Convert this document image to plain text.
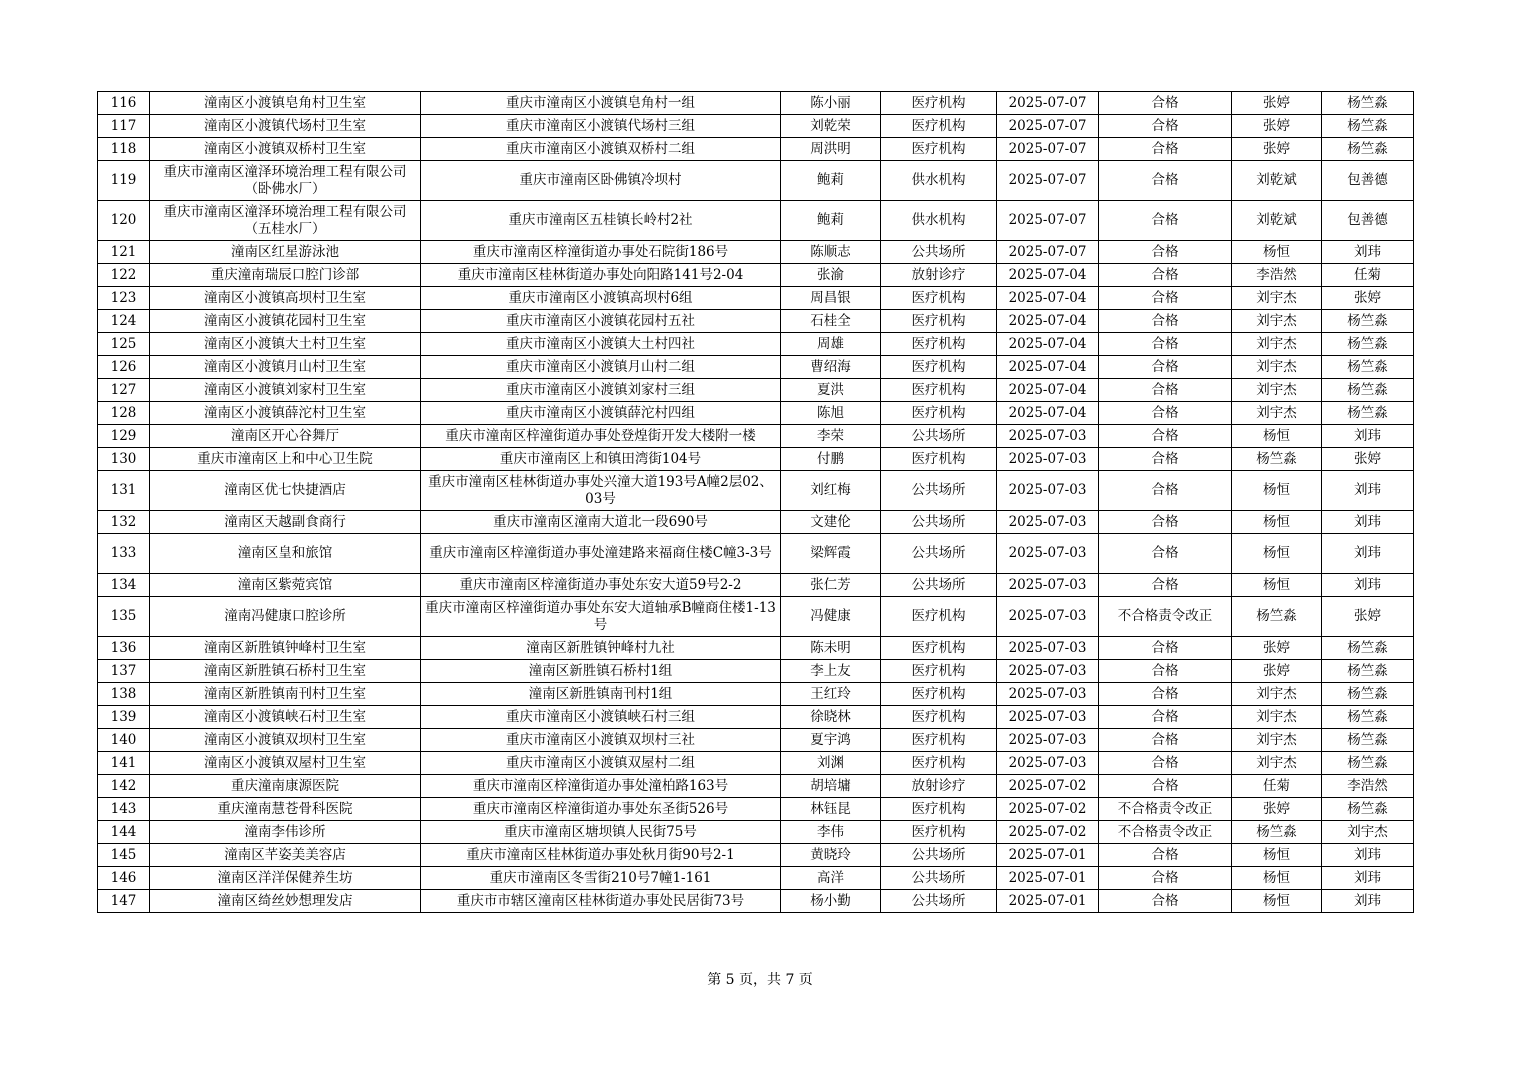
116	潼南区小渡镇皂角村卫生室	重庆市潼南区小渡镇皂角村一组	陈小丽	医疗机构	2025-07-07	合格	张婷	杨竺淼
117	潼南区小渡镇代场村卫生室	重庆市潼南区小渡镇代场村三组	刘乾荣	医疗机构	2025-07-07	合格	张婷	杨竺淼
118	潼南区小渡镇双桥村卫生室	重庆市潼南区小渡镇双桥村二组	周洪明	医疗机构	2025-07-07	合格	张婷	杨竺淼
119	重庆市潼南区潼泽环境治理工程有限公司（卧佛水厂）	重庆市潼南区卧佛镇冷坝村	鲍莉	供水机构	2025-07-07	合格	刘乾斌	包善德
120	重庆市潼南区潼泽环境治理工程有限公司（五桂水厂）	重庆市潼南区五桂镇长岭村2社	鲍莉	供水机构	2025-07-07	合格	刘乾斌	包善德
121	潼南区红星游泳池	重庆市潼南区梓潼街道办事处石院街186号	陈顺志	公共场所	2025-07-07	合格	杨恒	刘玮
122	重庆潼南瑞辰口腔门诊部	重庆市潼南区桂林街道办事处向阳路141号2-04	张渝	放射诊疗	2025-07-04	合格	李浩然	任菊
123	潼南区小渡镇高坝村卫生室	重庆市潼南区小渡镇高坝村6组	周昌银	医疗机构	2025-07-04	合格	刘宇杰	张婷
124	潼南区小渡镇花园村卫生室	重庆市潼南区小渡镇花园村五社	石桂全	医疗机构	2025-07-04	合格	刘宇杰	杨竺淼
125	潼南区小渡镇大土村卫生室	重庆市潼南区小渡镇大土村四社	周雄	医疗机构	2025-07-04	合格	刘宇杰	杨竺淼
126	潼南区小渡镇月山村卫生室	重庆市潼南区小渡镇月山村二组	曹绍海	医疗机构	2025-07-04	合格	刘宇杰	杨竺淼
127	潼南区小渡镇刘家村卫生室	重庆市潼南区小渡镇刘家村三组	夏洪	医疗机构	2025-07-04	合格	刘宇杰	杨竺淼
128	潼南区小渡镇薛沱村卫生室	重庆市潼南区小渡镇薛沱村四组	陈旭	医疗机构	2025-07-04	合格	刘宇杰	杨竺淼
129	潼南区开心谷舞厅	重庆市潼南区梓潼街道办事处登煌街开发大楼附一楼	李荣	公共场所	2025-07-03	合格	杨恒	刘玮
130	重庆市潼南区上和中心卫生院	重庆市潼南区上和镇田湾街104号	付鹏	医疗机构	2025-07-03	合格	杨竺淼	张婷
131	潼南区优七快捷酒店	重庆市潼南区桂林街道办事处兴潼大道193号A幢2层02、03号	刘红梅	公共场所	2025-07-03	合格	杨恒	刘玮
132	潼南区天越副食商行	重庆市潼南区潼南大道北一段690号	文建伦	公共场所	2025-07-03	合格	杨恒	刘玮
133	潼南区皇和旅馆	重庆市潼南区梓潼街道办事处潼建路来福商住楼C幢3-3号	梁辉霞	公共场所	2025-07-03	合格	杨恒	刘玮
134	潼南区紫菀宾馆	重庆市潼南区梓潼街道办事处东安大道59号2-2	张仁芳	公共场所	2025-07-03	合格	杨恒	刘玮
135	潼南冯健康口腔诊所	重庆市潼南区梓潼街道办事处东安大道轴承B幢商住楼1-13号	冯健康	医疗机构	2025-07-03	不合格责令改正	杨竺淼	张婷
136	潼南区新胜镇钟峰村卫生室	潼南区新胜镇钟峰村九社	陈未明	医疗机构	2025-07-03	合格	张婷	杨竺淼
137	潼南区新胜镇石桥村卫生室	潼南区新胜镇石桥村1组	李上友	医疗机构	2025-07-03	合格	张婷	杨竺淼
138	潼南区新胜镇南刊村卫生室	潼南区新胜镇南刊村1组	王红玲	医疗机构	2025-07-03	合格	刘宇杰	杨竺淼
139	潼南区小渡镇峡石村卫生室	重庆市潼南区小渡镇峡石村三组	徐晓林	医疗机构	2025-07-03	合格	刘宇杰	杨竺淼
140	潼南区小渡镇双坝村卫生室	重庆市潼南区小渡镇双坝村三社	夏宇鸿	医疗机构	2025-07-03	合格	刘宇杰	杨竺淼
141	潼南区小渡镇双屋村卫生室	重庆市潼南区小渡镇双屋村二组	刘渊	医疗机构	2025-07-03	合格	刘宇杰	杨竺淼
142	重庆潼南康源医院	重庆市潼南区梓潼街道办事处潼柏路163号	胡培墉	放射诊疗	2025-07-02	合格	任菊	李浩然
143	重庆潼南慧苍骨科医院	重庆市潼南区梓潼街道办事处东圣街526号	林钰昆	医疗机构	2025-07-02	不合格责令改正	张婷	杨竺淼
144	潼南李伟诊所	重庆市潼南区塘坝镇人民街75号	李伟	医疗机构	2025-07-02	不合格责令改正	杨竺淼	刘宇杰
145	潼南区芊姿美美容店	重庆市潼南区桂林街道办事处秋月街90号2-1	黄晓玲	公共场所	2025-07-01	合格	杨恒	刘玮
146	潼南区洋洋保健养生坊	重庆市潼南区冬雪街210号7幢1-161	高洋	公共场所	2025-07-01	合格	杨恒	刘玮
147	潼南区绮丝妙想理发店	重庆市市辖区潼南区桂林街道办事处民居街73号	杨小勤	公共场所	2025-07-01	合格	杨恒	刘玮
第 5 页，共 7 页
